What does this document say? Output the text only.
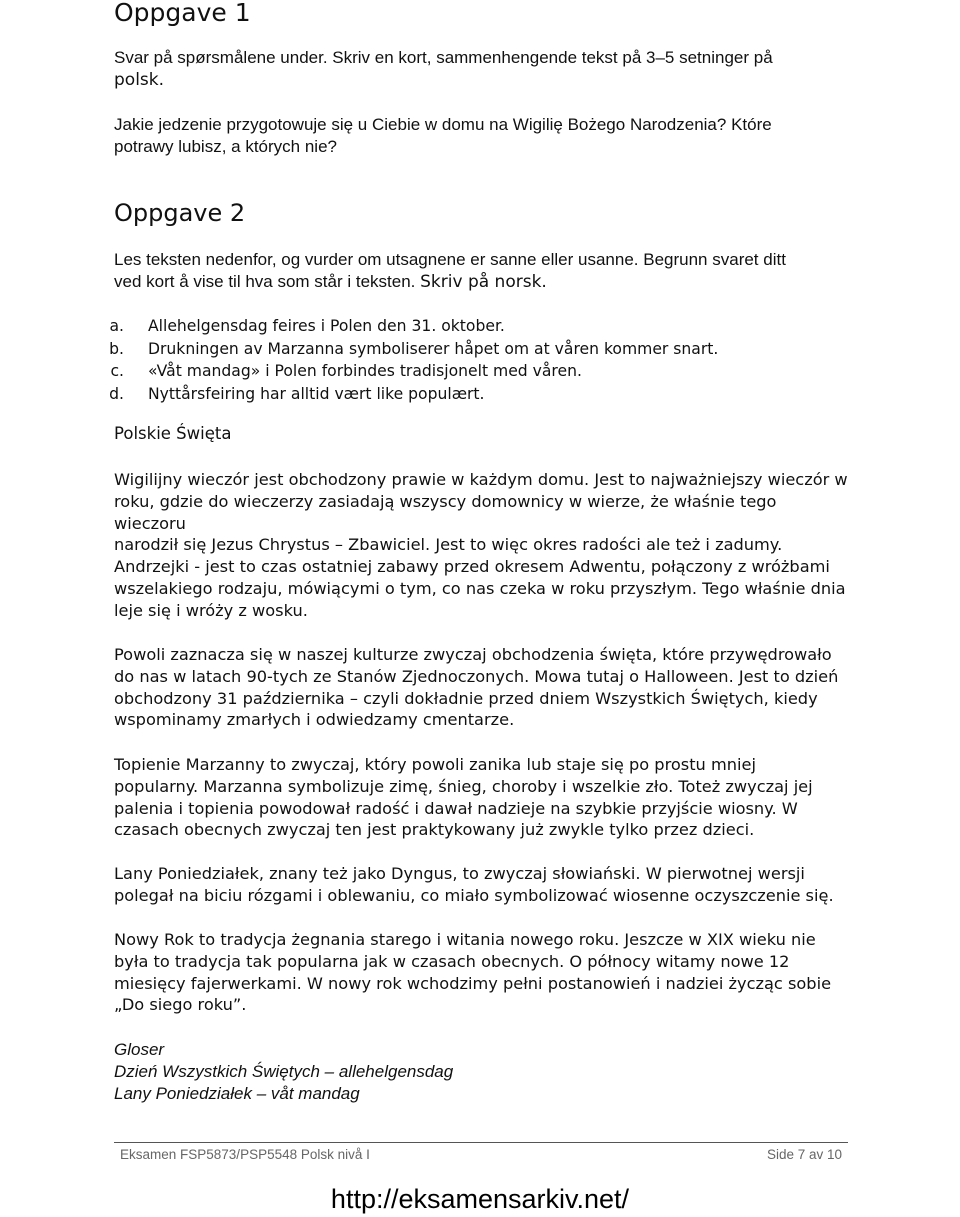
Oppgave 1

Svar på spørsmålene under. Skriv en kort, sammenhengende tekst på 3–5 setninger på
polsk.

Jakie jedzenie przygotowuje się u Ciebie w domu na Wigilię Bożego Narodzenia? Które
potrawy lubisz, a których nie?

Oppgave 2

Les teksten nedenfor, og vurder om utsagnene er sanne eller usanne. Begrunn svaret ditt
ved kort å vise til hva som står i teksten. Skriv på norsk.

a.	Allehelgensdag feires i Polen den 31. oktober.
b.	Drukningen av Marzanna symboliserer håpet om at våren kommer snart.
c.	«Våt mandag» i Polen forbindes tradisjonelt med våren.
d.	Nyttårsfeiring har alltid vært like populært.
Polskie Święta

Wigilijny wieczór jest obchodzony prawie w każdym domu. Jest to najważniejszy wieczór w
roku, gdzie do wieczerzy zasiadają wszyscy domownicy w wierze, że właśnie tego wieczoru
narodził się Jezus Chrystus – Zbawiciel. Jest to więc okres radości ale też i zadumy.

Andrzejki - jest to czas ostatniej zabawy przed okresem Adwentu, połączony z wróżbami
wszelakiego rodzaju, mówiącymi o tym, co nas czeka w roku przyszłym. Tego właśnie dnia
leje się i wróży z wosku.

Powoli zaznacza się w naszej kulturze zwyczaj obchodzenia święta, które przywędrowało
do nas w latach 90-tych ze Stanów Zjednoczonych. Mowa tutaj o Halloween. Jest to dzień
obchodzony 31 października – czyli dokładnie przed dniem Wszystkich Świętych, kiedy
wspominamy zmarłych i odwiedzamy cmentarze.

Topienie Marzanny to zwyczaj, który powoli zanika lub staje się po prostu mniej
popularny. Marzanna symbolizuje zimę, śnieg, choroby i wszelkie zło. Toteż zwyczaj jej
palenia i topienia powodował radość i dawał nadzieje na szybkie przyjście wiosny. W
czasach obecnych zwyczaj ten jest praktykowany już zwykle tylko przez dzieci.

Lany Poniedziałek, znany też jako Dyngus, to zwyczaj słowiański. W pierwotnej wersji
polegał na biciu rózgami i oblewaniu, co miało symbolizować wiosenne oczyszczenie się.

Nowy Rok to tradycja żegnania starego i witania nowego roku. Jeszcze w XIX wieku nie
była to tradycja tak popularna jak w czasach obecnych. O północy witamy nowe 12
miesięcy fajerwerkami. W nowy rok wchodzimy pełni postanowień i nadziei życząc sobie
„Do siego roku”.

Gloser
Dzień Wszystkich Świętych – allehelgensdag
Lany Poniedziałek – våt mandag
Eksamen FSP5873/PSP5548 Polsk nivå I	Side 7 av 10
http://eksamensarkiv.net/
